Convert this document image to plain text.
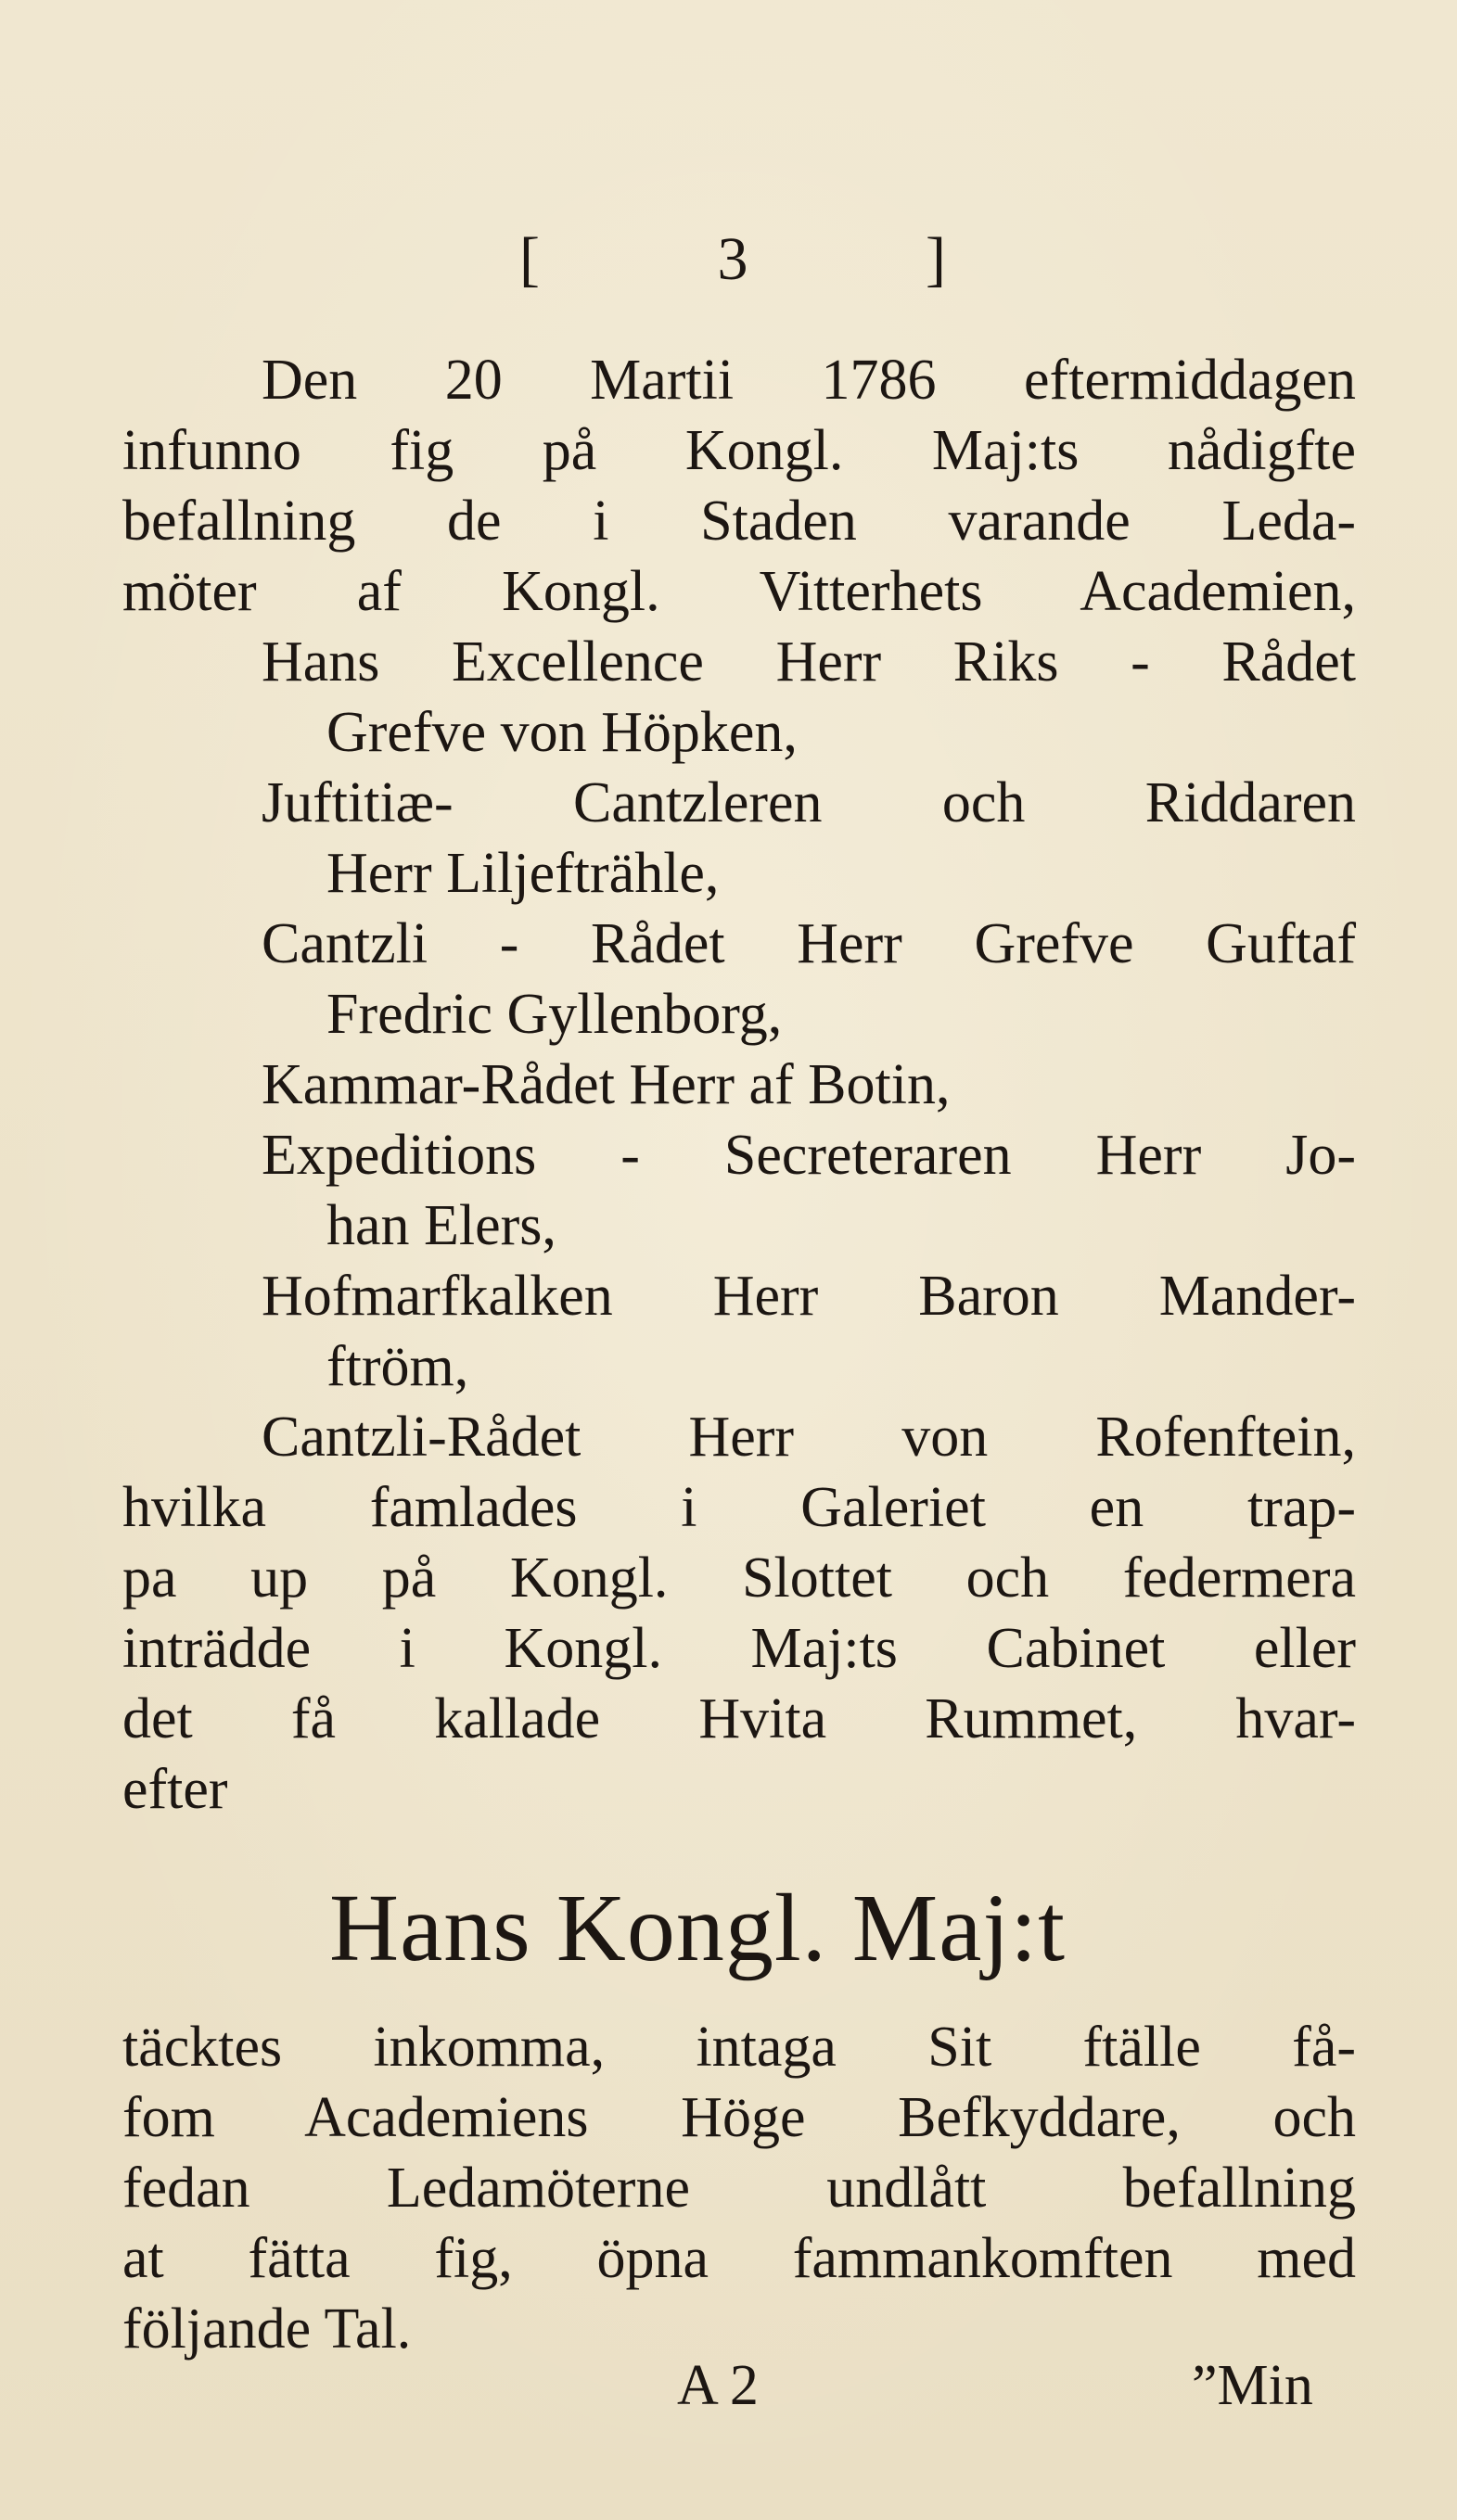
[	3	]
Den 20 Martii 1786 eftermiddagen
infunno fig på Kongl. Maj:ts nådigfte
befallning de i Staden varande Leda-
möter af Kongl. Vitterhets Academien,
Hans Excellence Herr Riks - Rådet
Grefve von Höpken,
Juftitiæ- Cantzleren och Riddaren
Herr Liljefträhle,
Cantzli - Rådet Herr Grefve Guftaf
Fredric Gyllenborg,
Kammar-Rådet Herr af Botin,
Expeditions - Secreteraren Herr Jo-
han Elers,
Hofmarfkalken Herr Baron Mander-
ftröm,
Cantzli-Rådet Herr von Rofenftein,
hvilka famlades i Galeriet en trap-
pa up på Kongl. Slottet och federmera
inträdde i Kongl. Maj:ts Cabinet eller
det få kallade Hvita Rummet, hvar-
efter
Hans Kongl. Maj:t
täcktes inkomma, intaga Sit ftälle få-
fom Academiens Höge Befkyddare, och
fedan Ledamöterne undlått befallning
at fätta fig, öpna fammankomften med
följande Tal.
A 2	”Min
